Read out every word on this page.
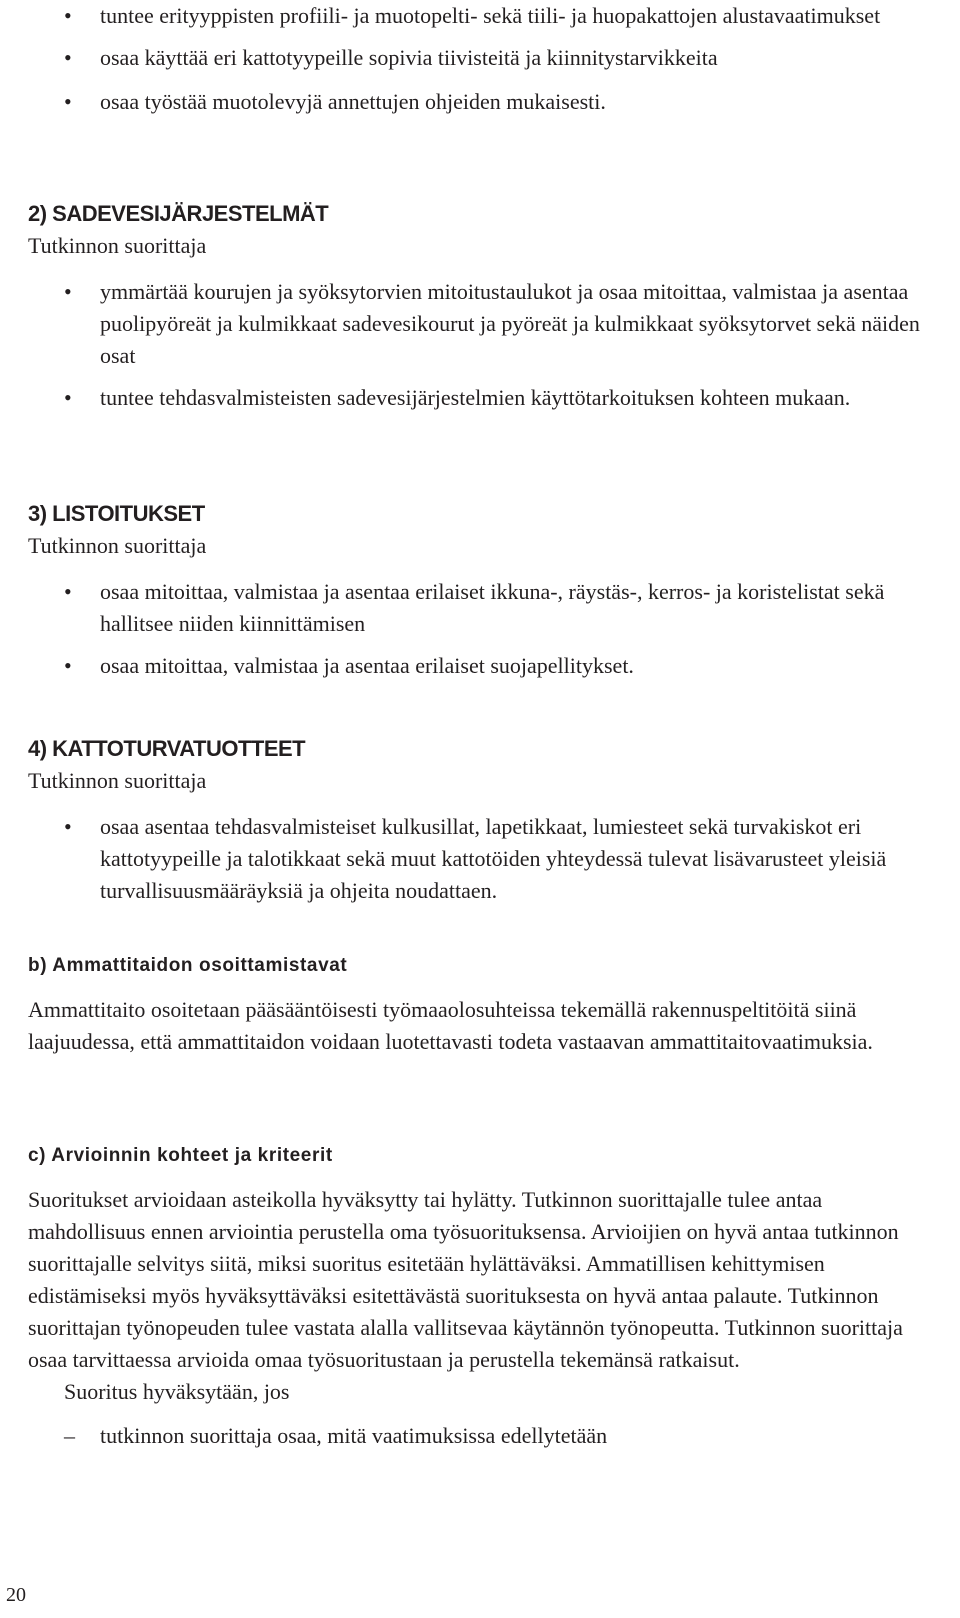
•	tuntee erityyppisten profiili- ja muotopelti- sekä tiili- ja huopakattojen alustavaatimukset
•	osaa käyttää eri kattotyypeille sopivia tiivisteitä ja kiinnitystarvikkeita
•	osaa työstää muotolevyjä annettujen ohjeiden mukaisesti.
2) SADEVESIJÄRJESTELMÄT

Tutkinnon suorittaja

•	ymmärtää kourujen ja syöksytorvien mitoitustaulukot ja osaa mitoittaa, valmistaa ja asentaa puolipyöreät ja kulmikkaat sadevesikourut ja pyöreät ja kulmikkaat syöksytorvet sekä näiden osat
•	tuntee tehdasvalmisteisten sadevesijärjestelmien käyttötarkoituksen kohteen mukaan.
3) LISTOITUKSET

Tutkinnon suorittaja

•	osaa mitoittaa, valmistaa ja asentaa erilaiset ikkuna-, räystäs-, kerros- ja koristelistat sekä hallitsee niiden kiinnittämisen
•	osaa mitoittaa, valmistaa ja asentaa erilaiset suojapellitykset.
4) KATTOTURVATUOTTEET

Tutkinnon suorittaja

•	osaa asentaa tehdasvalmisteiset kulkusillat, lapetikkaat, lumiesteet sekä turvakiskot eri kattotyypeille ja talotikkaat sekä muut kattotöiden yhteydessä tulevat lisävarusteet yleisiä turvallisuusmääräyksiä ja ohjeita noudattaen.
b) Ammattitaidon osoittamistavat

Ammattitaito osoitetaan pääsääntöisesti työmaaolosuhteissa tekemällä rakennuspeltitöitä siinä laajuudessa, että ammattitaidon voidaan luotettavasti todeta vastaavan ammattitaitovaatimuksia.

c) Arvioinnin kohteet ja kriteerit

Suoritukset arvioidaan asteikolla hyväksytty tai hylätty. Tutkinnon suorittajalle tulee antaa mahdollisuus ennen arviointia perustella oma työsuorituksensa. Arvioijien on hyvä antaa tutkinnon suorittajalle selvitys siitä, miksi suoritus esitetään hylättäväksi. Ammatillisen kehittymisen edistämiseksi myös hyväksyttäväksi esitettävästä suorituksesta on hyvä antaa palaute. Tutkinnon suorittajan työnopeuden tulee vastata alalla vallitsevaa käytännön työnopeutta. Tutkinnon suorittaja osaa tarvittaessa arvioida omaa työsuoritustaan ja perustella tekemänsä ratkaisut.

Suoritus hyväksytään, jos

–	tutkinnon suorittaja osaa, mitä vaatimuksissa edellytetään
20
